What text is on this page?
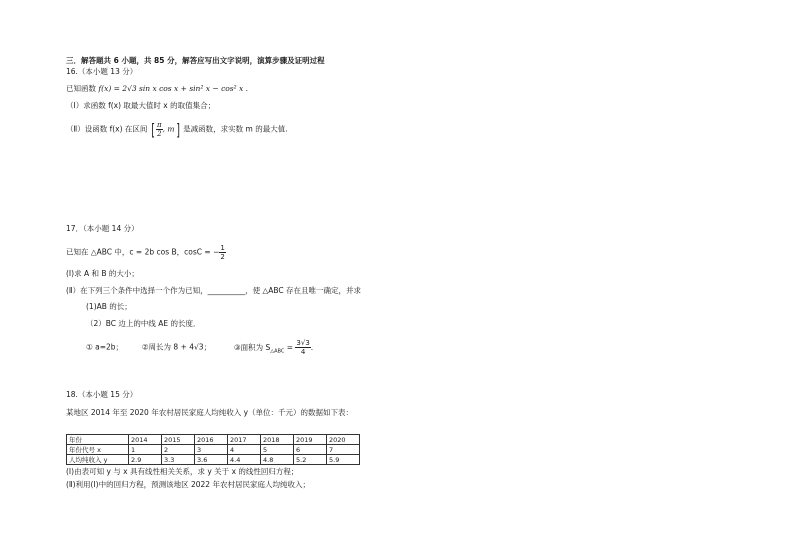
三．解答题共 6 小题，共 85 分，解答应写出文字说明，演算步骤及证明过程
16.（本小题 13 分）
已知函数 f(x) = 2√3 sin x cos x + sin² x − cos² x .
（Ⅰ）求函数 f(x) 取最大值时 x 的取值集合；
（Ⅱ）设函数 f(x) 在区间 [ $\frac{\pi}{2}$ , m] 是减函数，求实数 m 的最大值.
17．（本小题 14 分）
已知在 △ABC 中，c = 2b cos B，cosC = − $\frac{1}{2}$
(Ⅰ)求 A 和 B 的大小；
(Ⅱ）在下列三个条件中选择一个作为已知，__________，使 △ABC 存在且唯一确定，并求
(1)AB 的长；
（2）BC 边上的中线 AE 的长度．
① a=2b；	②周长为 8 + 4√3；	③面积为 $S_{\triangle ABC} = \frac{3√3}{4}$ .
18.（本小题 15 分）
某地区 2014 年至 2020 年农村居民家庭人均纯收入 y（单位：千元）的数据如下表：
年份	2014	2015	2016	2017	2018	2019	2020
年份代号 x	1	2	3	4	5	6	7
人均纯收入 y	2.9	3.3	3.6	4.4	4.8	5.2	5.9
(Ⅰ)由表可知 y 与 x 具有线性相关关系，求 y 关于 x 的线性回归方程；
(Ⅱ)利用(Ⅰ)中的回归方程，预测该地区 2022 年农村居民家庭人均纯收入；
